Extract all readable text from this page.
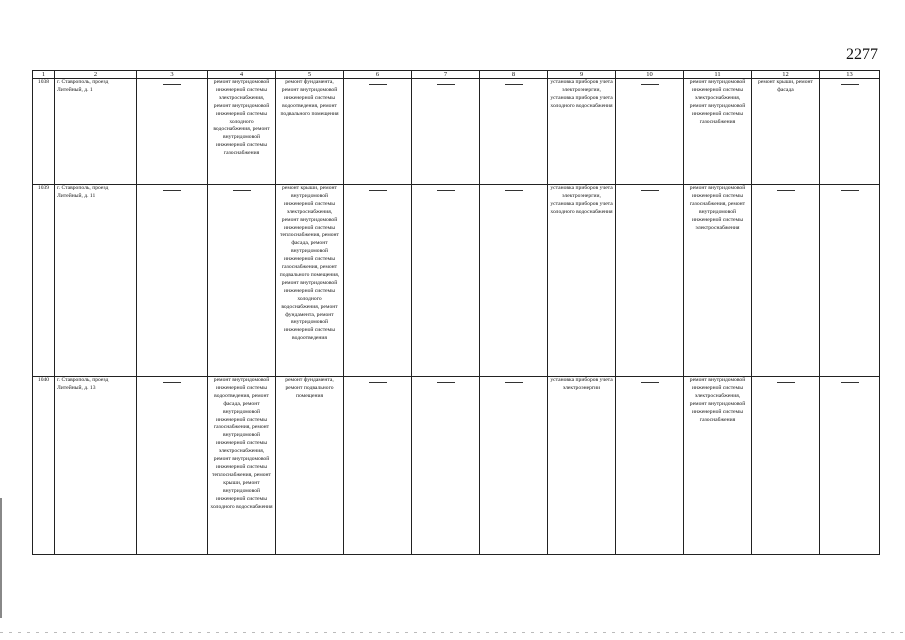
2277
1	2	3	4	5	6	7	8	9	10	11	12	13
1038	г. Ставрополь, проезд Литейный, д. 1		ремонт внутридомовой инженерной системы электроснабжения, ремонт внутридомовой инженерной системы холодного водоснабжения, ремонт внутридомовой инженерной системы газоснабжения	ремонт фундамента, ремонт внутридомовой инженерной системы водоотведения, ремонт подвального помещения				установка приборов учета электроэнергии, установка приборов учета холодного водоснабжения		ремонт внутридомовой инженерной системы электроснабжения, ремонт внутридомовой инженерной системы газоснабжения	ремонт крыши, ремонт фасада	

1039	г. Ставрополь, проезд Литейный, д. 11			ремонт крыши, ремонт внутридомовой инженерной системы электроснабжения, ремонт внутридомовой инженерной системы теплоснабжения, ремонт фасада, ремонт внутридомовой инженерной системы газоснабжения, ремонт подвального помещения, ремонт внутридомовой инженерной системы холодного водоснабжения, ремонт фундамента, ремонт внутридомовой инженерной системы водоотведения				установка приборов учета электроэнергии, установка приборов учета холодного водоснабжения		ремонт внутридомовой инженерной системы газоснабжения, ремонт внутридомовой инженерной системы электроснабжения	

1040	г. Ставрополь, проезд Литейный, д. 13		ремонт внутридомовой инженерной системы водоотведения, ремонт фасада, ремонт внутридомовой инженерной системы газоснабжения, ремонт внутридомовой инженерной системы электроснабжения, ремонт внутридомовой инженерной системы теплоснабжения, ремонт крыши, ремонт внутридомовой инженерной системы холодного водоснабжения	ремонт фундамента, ремонт подвального помещения				установка приборов учета электроэнергии		ремонт внутридомовой инженерной системы электроснабжения, ремонт внутридомовой инженерной системы газоснабжения	
